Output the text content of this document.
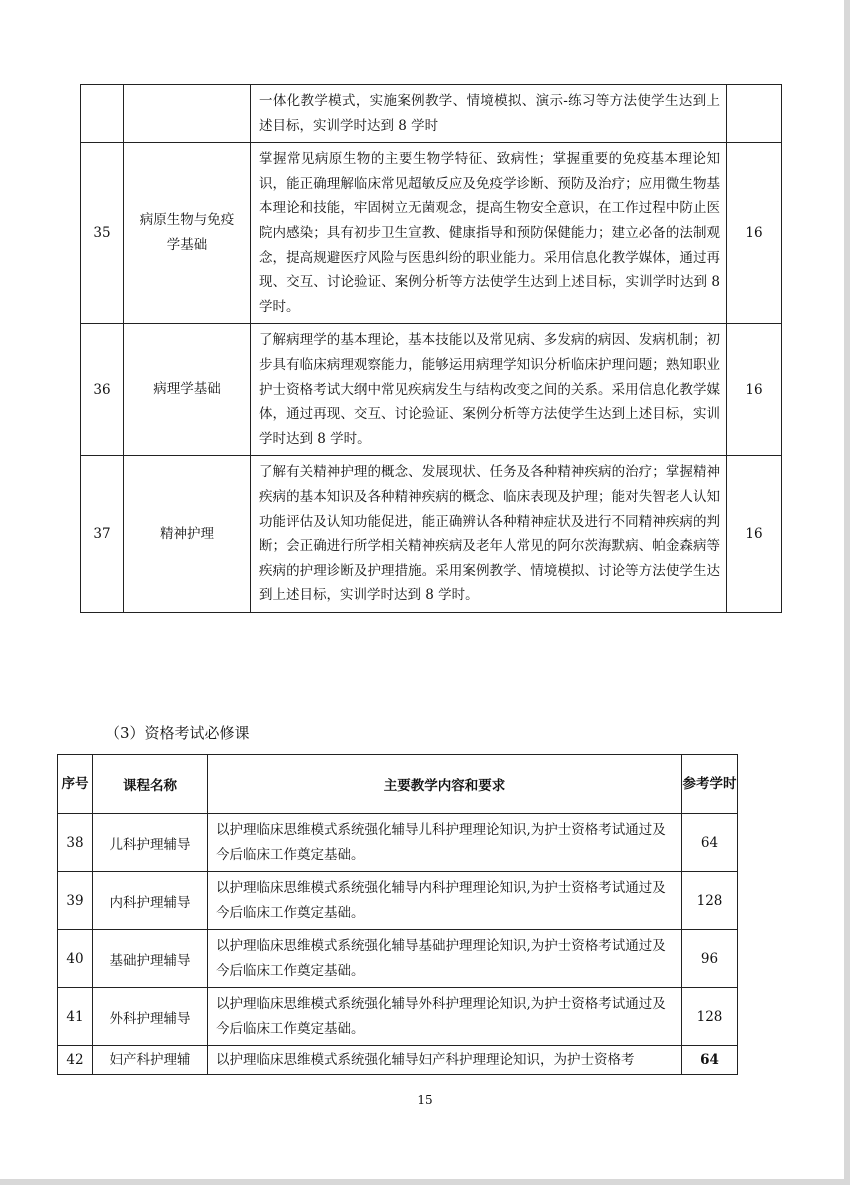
		一体化教学模式，实施案例教学、情境模拟、演示-练习等方法使学生达到上述目标，实训学时达到 8 学时	
35	病原生物与免疫学基础	掌握常见病原生物的主要生物学特征、致病性；掌握重要的免疫基本理论知识，能正确理解临床常见超敏反应及免疫学诊断、预防及治疗；应用微生物基本理论和技能，牢固树立无菌观念，提高生物安全意识，在工作过程中防止医院内感染；具有初步卫生宣教、健康指导和预防保健能力；建立必备的法制观念，提高规避医疗风险与医患纠纷的职业能力。采用信息化教学媒体，通过再现、交互、讨论验证、案例分析等方法使学生达到上述目标，实训学时达到 8 学时。	16
36	病理学基础	了解病理学的基本理论，基本技能以及常见病、多发病的病因、发病机制；初步具有临床病理观察能力，能够运用病理学知识分析临床护理问题；熟知职业护士资格考试大纲中常见疾病发生与结构改变之间的关系。采用信息化教学媒体，通过再现、交互、讨论验证、案例分析等方法使学生达到上述目标，实训学时达到 8 学时。	16
37	精神护理	了解有关精神护理的概念、发展现状、任务及各种精神疾病的治疗；掌握精神疾病的基本知识及各种精神疾病的概念、临床表现及护理；能对失智老人认知功能评估及认知功能促进，能正确辨认各种精神症状及进行不同精神疾病的判断；会正确进行所学相关精神疾病及老年人常见的阿尔茨海默病、帕金森病等疾病的护理诊断及护理措施。采用案例教学、情境模拟、讨论等方法使学生达到上述目标，实训学时达到 8 学时。	16
（3）资格考试必修课
序号	课程名称	主要教学内容和要求	参考学时
38	儿科护理辅导	以护理临床思维模式系统强化辅导儿科护理理论知识,为护士资格考试通过及今后临床工作奠定基础。	64
39	内科护理辅导	以护理临床思维模式系统强化辅导内科护理理论知识,为护士资格考试通过及今后临床工作奠定基础。	128
40	基础护理辅导	以护理临床思维模式系统强化辅导基础护理理论知识,为护士资格考试通过及今后临床工作奠定基础。	96
41	外科护理辅导	以护理临床思维模式系统强化辅导外科护理理论知识,为护士资格考试通过及今后临床工作奠定基础。	128
42	妇产科护理辅	以护理临床思维模式系统强化辅导妇产科护理理论知识，为护士资格考	64
15
